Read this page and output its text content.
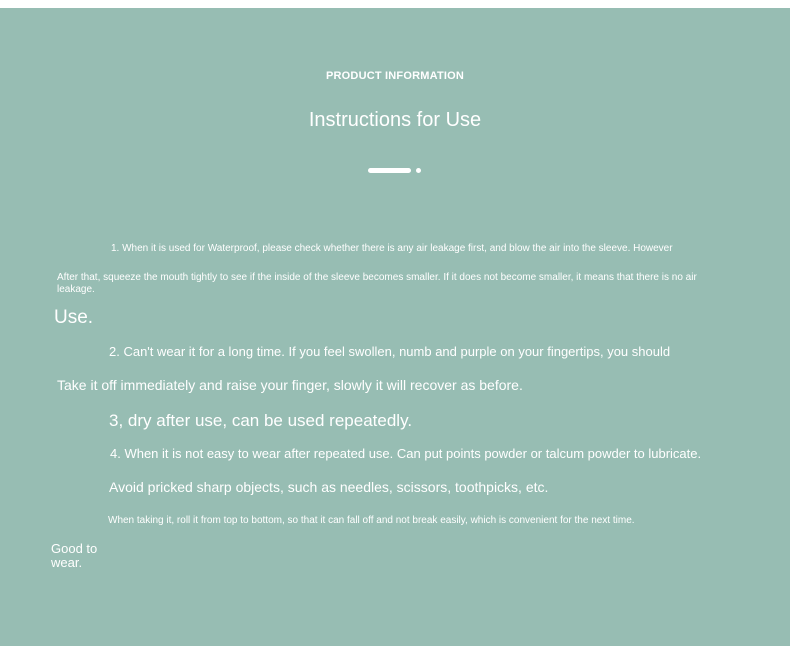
PRODUCT INFORMATION

Instructions for Use

1. When it is used for Waterproof, please check whether there is any air leakage first, and blow the air into the sleeve. However

After that, squeeze the mouth tightly to see if the inside of the sleeve becomes smaller. If it does not become smaller, it means that there is no air leakage.

Use.

2. Can't wear it for a long time. If you feel swollen, numb and purple on your fingertips, you should

Take it off immediately and raise your finger, slowly it will recover as before.

3, dry after use, can be used repeatedly.

4. When it is not easy to wear after repeated use. Can put points powder or talcum powder to lubricate.

Avoid pricked sharp objects, such as needles, scissors, toothpicks, etc.

When taking it, roll it from top to bottom, so that it can fall off and not break easily, which is convenient for the next time.

Good to wear.
